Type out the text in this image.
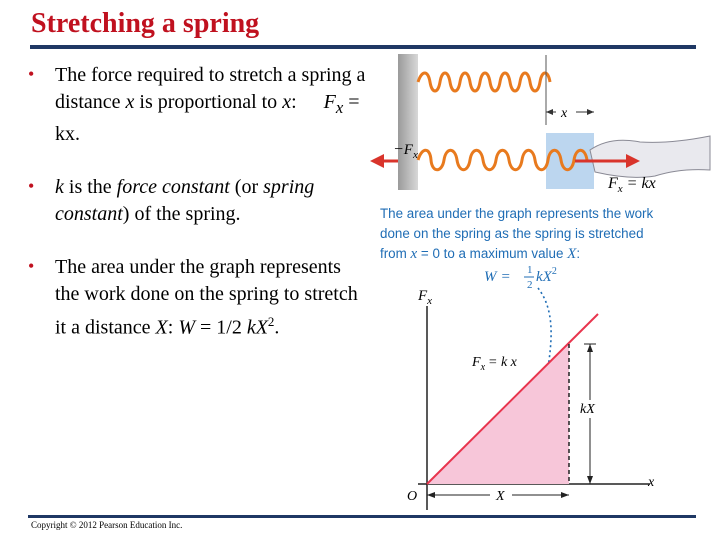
Stretching a spring
• The force required to stretch a spring a distance x is proportional to x: $F_x$ = kx.
• k is the force constant (or spring constant) of the spring.
• The area under the graph represents the work done on the spring to stretch it a distance X: W = 1/2 $kX^2$.
The area under the graph represents the work
done on the spring as the spring is stretched
from x = 0 to a maximum value X:
x
$-F_x$
$F_x$ = kx
W = 1
2 $kX^2$
$F_x$
x
$F_x = k$ x
kX
X
O
Copyright © 2012 Pearson Education Inc.
